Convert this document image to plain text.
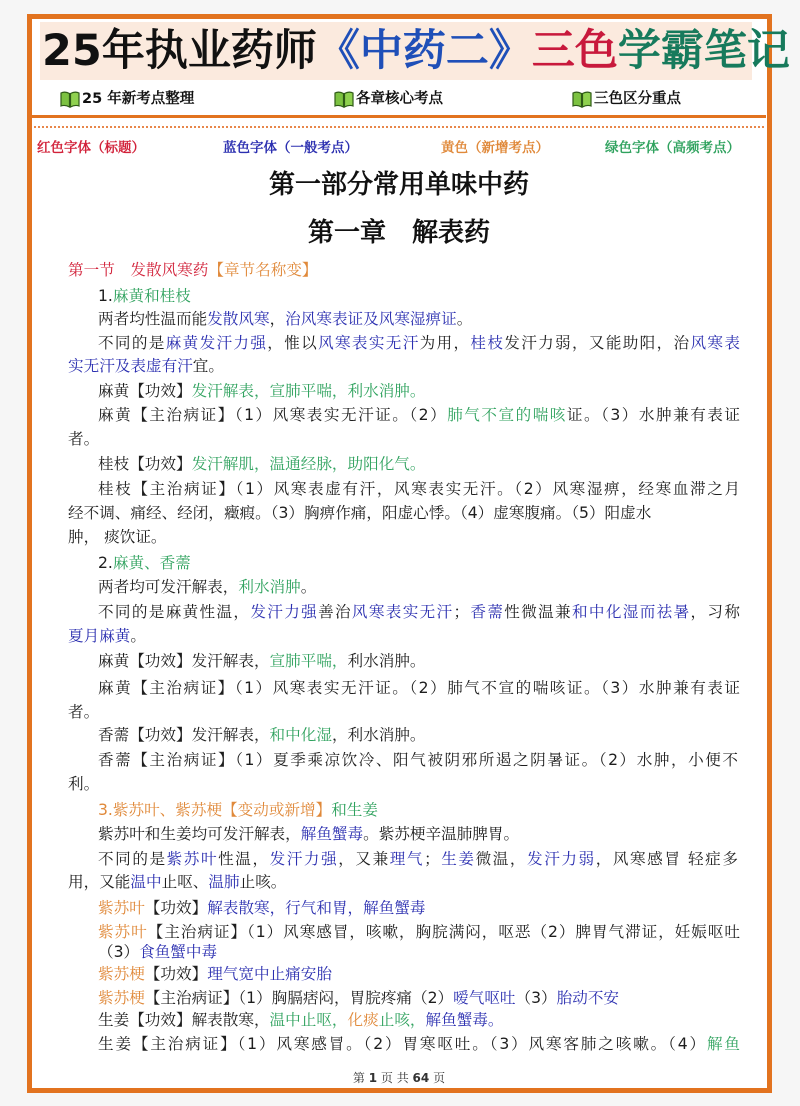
25年执业药师《中药二》三色学霸笔记
25 年新考点整理	各章核心考点	三色区分重点
红色字体（标题）	蓝色字体（一般考点）	黄色（新增考点）	绿色字体（高频考点）
第一部分常用单味中药
第一章　解表药
第一节　发散风寒药【章节名称变】
1.麻黄和桂枝
两者均性温而能发散风寒，治风寒表证及风寒湿痹证。
不同的是麻黄发汗力强，惟以风寒表实无汗为用，桂枝发汗力弱，又能助阳，治风寒表
实无汗及表虚有汗宜。
麻黄【功效】发汗解表，宣肺平喘，利水消肿。
麻黄【主治病证】（1）风寒表实无汗证。（2）肺气不宣的喘咳证。（3）水肿兼有表证
者。
桂枝【功效】发汗解肌，温通经脉，助阳化气。
桂枝【主治病证】（1）风寒表虚有汗，风寒表实无汗。（2）风寒湿痹，经寒血滞之月
经不调、痛经、经闭，癥瘕。（3）胸痹作痛，阳虚心悸。（4）虚寒腹痛。（5）阳虚水
肿， 痰饮证。
2.麻黄、香薷
两者均可发汗解表，利水消肿。
不同的是麻黄性温，发汗力强善治风寒表实无汗；香薷性微温兼和中化湿而祛暑，习称
夏月麻黄。
麻黄【功效】发汗解表，宣肺平喘，利水消肿。
麻黄【主治病证】（1）风寒表实无汗证。（2）肺气不宣的喘咳证。（3）水肿兼有表证
者。
香薷【功效】发汗解表，和中化湿，利水消肿。
香薷【主治病证】（1）夏季乘凉饮冷、阳气被阴邪所遏之阴暑证。（2）水肿，小便不
利。
3.紫苏叶、紫苏梗【变动或新增】和生姜
紫苏叶和生姜均可发汗解表，解鱼蟹毒。紫苏梗辛温肺脾胃。
不同的是紫苏叶性温，发汗力强，又兼理气；生姜微温，发汗力弱，风寒感冒 轻症多
用，又能温中止呕、温肺止咳。
紫苏叶【功效】解表散寒，行气和胃，解鱼蟹毒
紫苏叶【主治病证】（1）风寒感冒，咳嗽，胸脘满闷，呕恶（2）脾胃气滞证，妊娠呕吐
（3）食鱼蟹中毒
紫苏梗【功效】理气宽中止痛安胎
紫苏梗【主治病证】（1）胸膈痞闷，胃脘疼痛（2）嗳气呕吐（3）胎动不安
生姜【功效】解表散寒，温中止呕，化痰止咳，解鱼蟹毒。
生姜【主治病证】（1）风寒感冒。（2）胃寒呕吐。（3）风寒客肺之咳嗽。（4）解鱼
第 1 页 共 64 页
